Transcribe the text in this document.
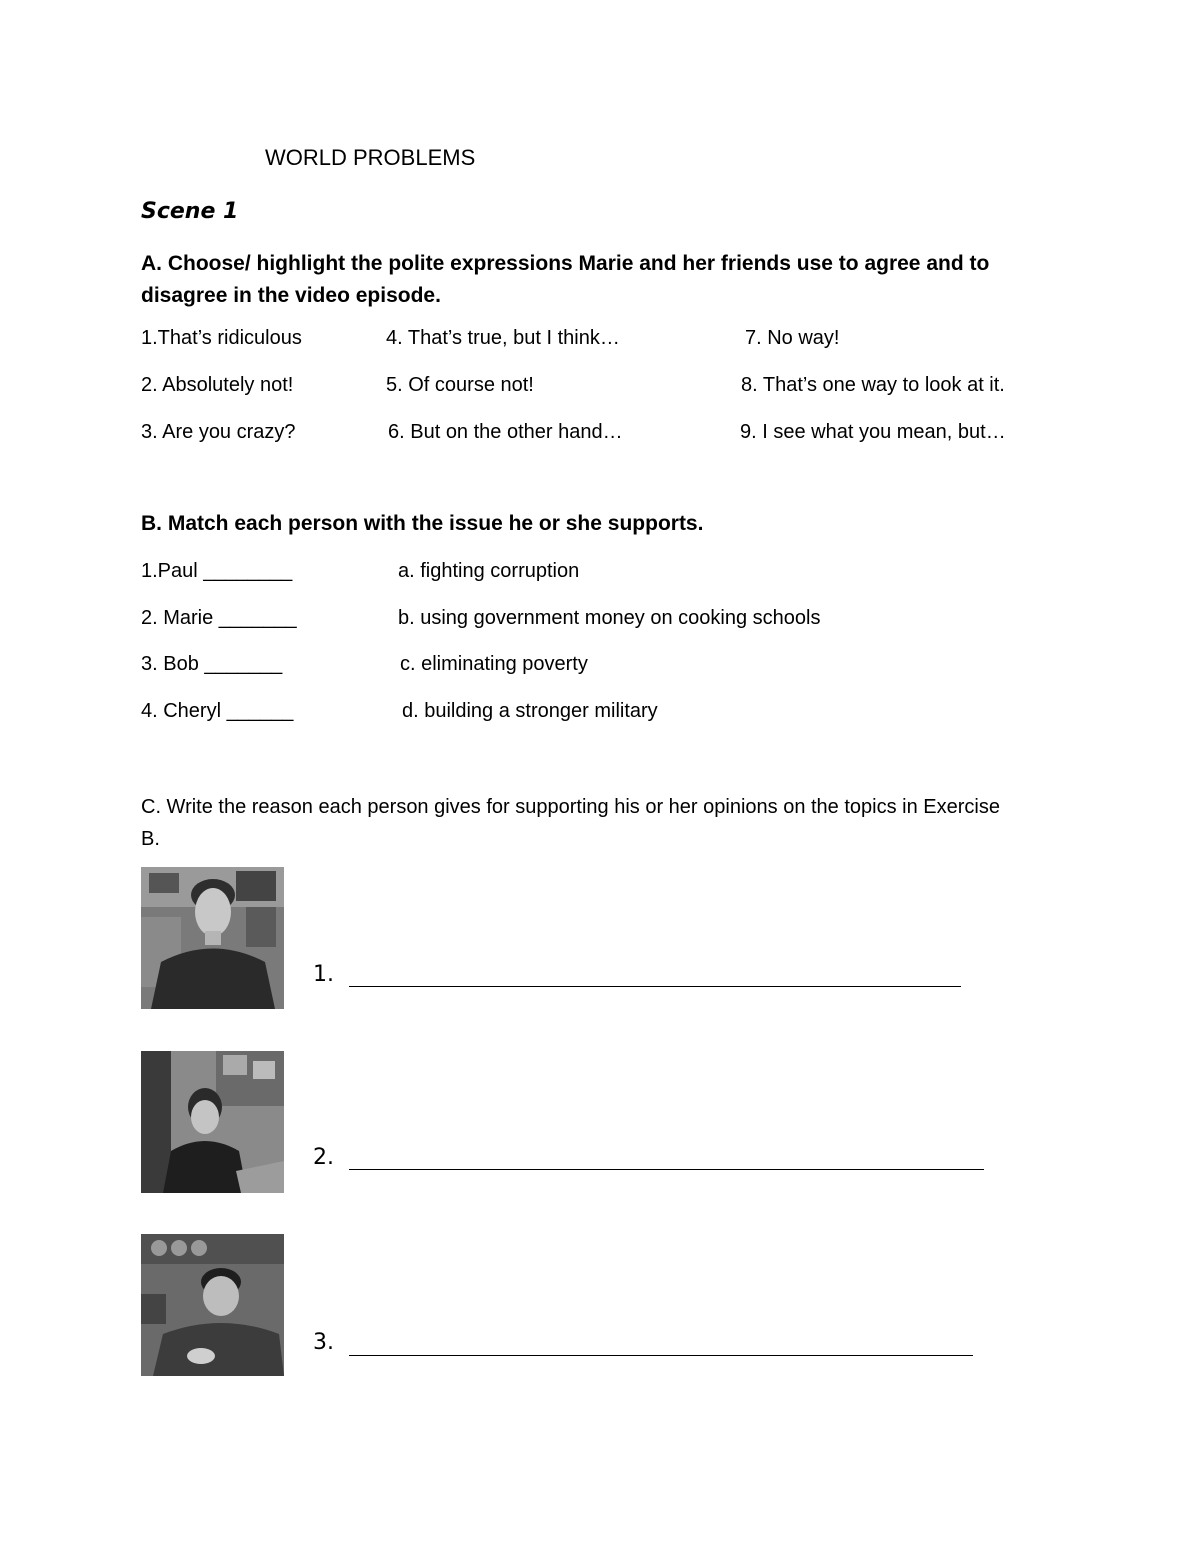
WORLD PROBLEMS
Scene 1
A. Choose/ highlight the polite expressions Marie and her friends use to agree and to disagree in the video episode.
1.That’s ridiculous
2. Absolutely not!
3. Are you crazy?
4. That’s true, but I think…
5. Of course not!
6. But on the other hand…
7. No way!
8. That’s one way to look at it.
9. I see what you mean, but…
B. Match each person with the issue he or she supports.
1.Paul ________
2. Marie _______
3. Bob _______
4. Cheryl ______
a. fighting corruption
b. using government money on cooking schools
c. eliminating poverty
d. building a stronger military
C. Write the reason each person gives for supporting his or her opinions on the topics in Exercise B.
1.
2.
3.
